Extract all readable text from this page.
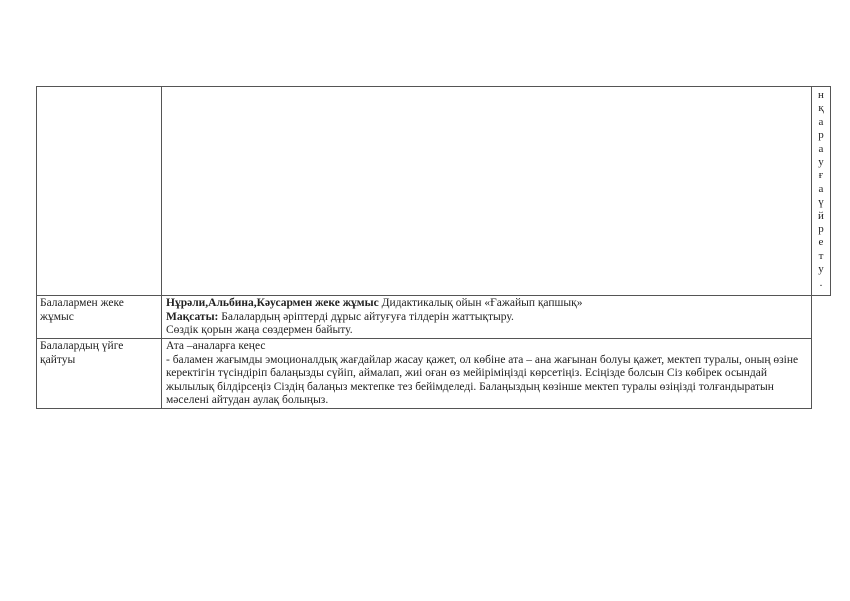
н
қ
а
р
а
у
ғ
а
ү
й
р
е
т
у
.
Балалармен жеке жұмыс
Нұрәли,Альбина,Кәусармен жеке жұмыс Дидактикалық ойын «Ғажайып қапшық»
Мақсаты: Балалардың әріптерді дұрыс айтуғуға тілдерін жаттықтыру.
Сөздік қорын жаңа сөздермен байыту.
Балалардың үйге қайтуы
Ата –аналарға кеңес
- баламен жағымды эмоционалдық жағдайлар жасау қажет, ол көбіне ата – ана жағынан болуы қажет, мектеп туралы, оның өзіне керектігін түсіндіріп балаңызды сүйіп, аймалап, жиі оған өз мейіріміңізді көрсетіңіз. Есіңізде болсын Сіз көбірек осындай жылылық білдірсеңіз Сіздің балаңыз мектепке тез бейімделеді. Балаңыздың көзінше мектеп туралы өзіңізді толғандыратын мәселені айтудан аулақ болыңыз.
